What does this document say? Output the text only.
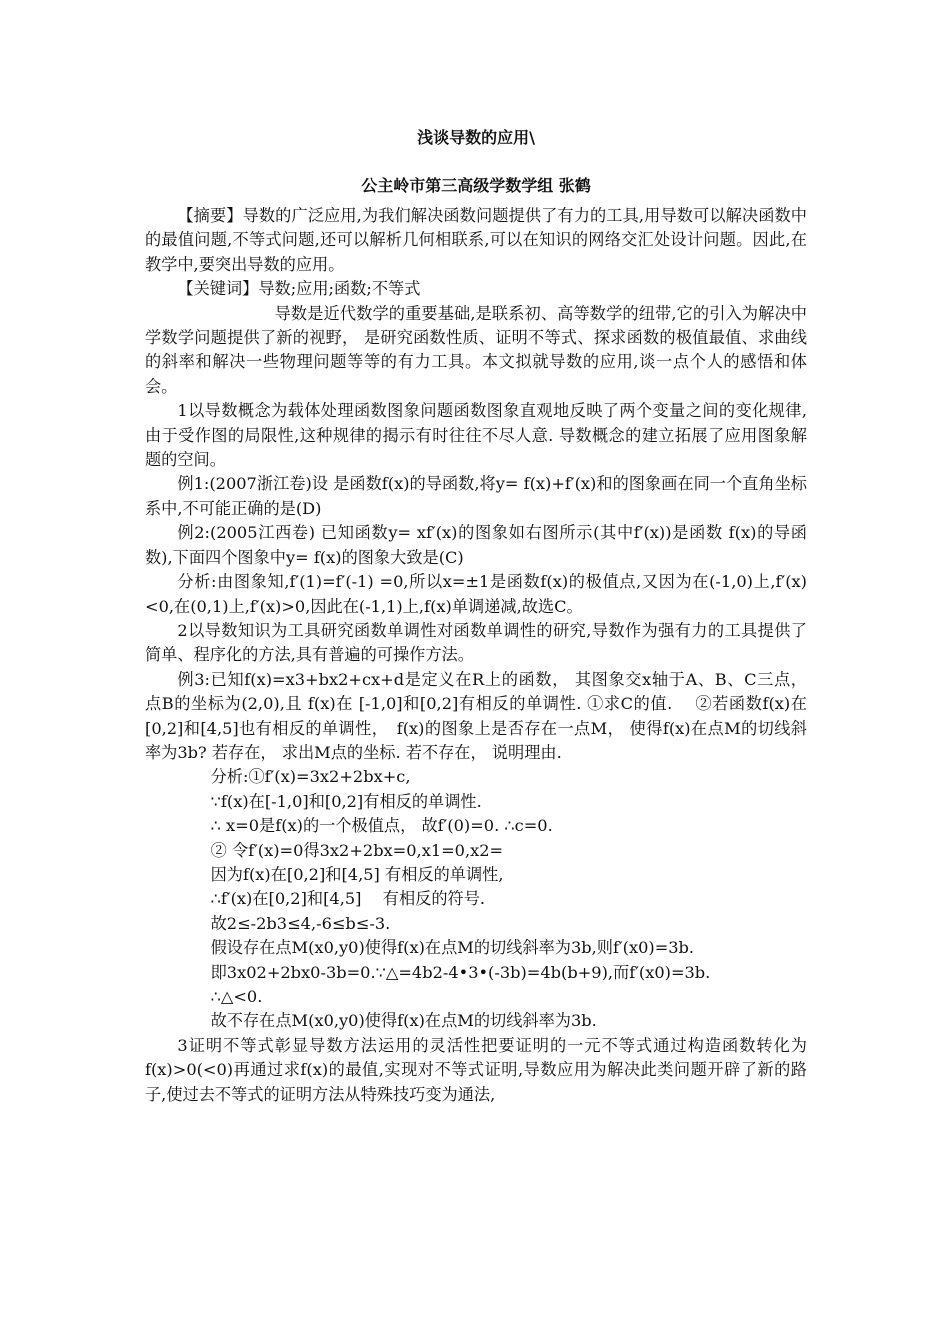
浅谈导数的应用\
公主岭市第三高级学数学组 张鹤

【摘要】导数的广泛应用,为我们解决函数问题提供了有力的工具,用导数可以解决函数中的最值问题,不等式问题,还可以解析几何相联系,可以在知识的网络交汇处设计问题。因此,在教学中,要突出导数的应用。

【关键词】导数;应用;函数;不等式

导数是近代数学的重要基础,是联系初、高等数学的纽带,它的引入为解决中学数学问题提供了新的视野， 是研究函数性质、证明不等式、探求函数的极值最值、求曲线的斜率和解决一些物理问题等等的有力工具。本文拟就导数的应用,谈一点个人的感悟和体会。

1以导数概念为载体处理函数图象问题函数图象直观地反映了两个变量之间的变化规律,由于受作图的局限性,这种规律的揭示有时往往不尽人意. 导数概念的建立拓展了应用图象解题的空间。

例1:(2007浙江卷)设 是函数f(x)的导函数,将y= f(x)+f′(x)和的图象画在同一个直角坐标系中,不可能正确的是(D)

例2:(2005江西卷) 已知函数y= xf′(x)的图象如右图所示(其中f′(x))是函数 f(x)的导函数),下面四个图象中y= f(x)的图象大致是(C)

分析:由图象知,f′(1)=f′(-1) =0,所以x=±1是函数f(x)的极值点,又因为在(-1,0)上,f′(x)<0,在(0,1)上,f′(x)>0,因此在(-1,1)上,f(x)单调递减,故选C。

2以导数知识为工具研究函数单调性对函数单调性的研究,导数作为强有力的工具提供了简单、程序化的方法,具有普遍的可操作方法。

例3:已知f(x)=x3+bx2+cx+d是定义在R上的函数， 其图象交x轴于A、B、C三点， 点B的坐标为(2,0),且 f(x)在 [-1,0]和[0,2]有相反的单调性. ①求C的值.　 ②若函数f(x)在[0,2]和[4,5]也有相反的单调性，　f(x)的图象上是否存在一点M， 使得f(x)在点M的切线斜率为3b? 若存在， 求出M点的坐标. 若不存在， 说明理由.

分析:①f′(x)=3x2+2bx+c,

∵f(x)在[-1,0]和[0,2]有相反的单调性.

∴ x=0是f(x)的一个极值点， 故f′(0)=0. ∴c=0.

② 令f′(x)=0得3x2+2bx=0,x1=0,x2=

因为f(x)在[0,2]和[4,5] 有相反的单调性,

∴f′(x)在[0,2]和[4,5]　 有相反的符号.

故2≤-2b3≤4,-6≤b≤-3.

假设存在点M(x0,y0)使得f(x)在点M的切线斜率为3b,则f′(x0)=3b.

即3x02+2bx0-3b=0.∵△=4b2-4•3•(-3b)=4b(b+9),而f′(x0)=3b.

∴△<0.

故不存在点M(x0,y0)使得f(x)在点M的切线斜率为3b.

3证明不等式彰显导数方法运用的灵活性把要证明的一元不等式通过构造函数转化为f(x)>0(<0)再通过求f(x)的最值,实现对不等式证明,导数应用为解决此类问题开辟了新的路子,使过去不等式的证明方法从特殊技巧变为通法,
